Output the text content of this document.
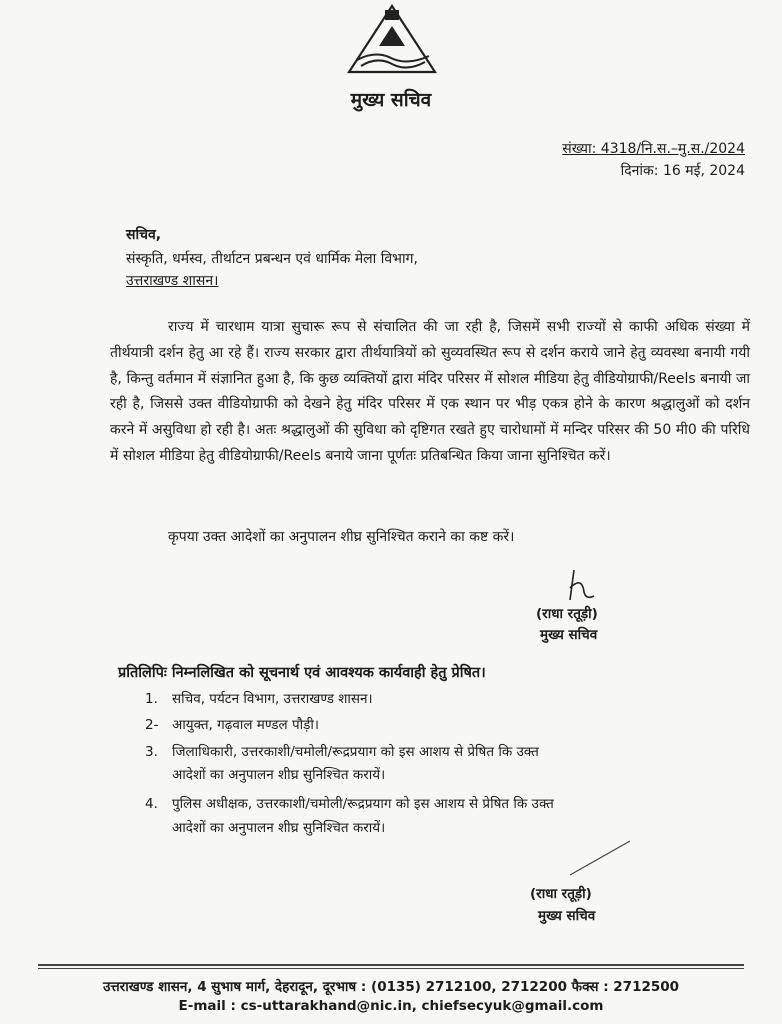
मुख्य सचिव
संख्या: 4318/नि.स.–मु.स./2024
दिनांक: 16 मई, 2024
सचिव,
संस्कृति, धर्मस्व, तीर्थाटन प्रबन्धन एवं धार्मिक मेला विभाग,
उत्तराखण्ड शासन।
राज्य में चारधाम यात्रा सुचारू रूप से संचालित की जा रही है, जिसमें सभी राज्यों से काफी अधिक संख्या में तीर्थयात्री दर्शन हेतु आ रहे हैं। राज्य सरकार द्वारा तीर्थयात्रियों को सुव्यवस्थित रूप से दर्शन कराये जाने हेतु व्यवस्था बनायी गयी है, किन्तु वर्तमान में संज्ञानित हुआ है, कि कुछ व्यक्तियों द्वारा मंदिर परिसर में सोशल मीडिया हेतु वीडियोग्राफी/Reels बनायी जा रही है, जिससे उक्त वीडियोग्राफी को देखने हेतु मंदिर परिसर में एक स्थान पर भीड़ एकत्र होने के कारण श्रद्धालुओं को दर्शन करने में असुविधा हो रही है। अतः श्रद्धालुओं की सुविधा को दृष्टिगत रखते हुए चारोधामों में मन्दिर परिसर की 50 मी0 की परिधि में सोशल मीडिया हेतु वीडियोग्राफी/Reels बनाये जाना पूर्णतः प्रतिबन्धित किया जाना सुनिश्चित करें।
कृपया उक्त आदेशों का अनुपालन शीघ्र सुनिश्चित कराने का कष्ट करें।
(राधा रतूड़ी)
मुख्य सचिव
प्रतिलिपिः निम्नलिखित को सूचनार्थ एवं आवश्यक कार्यवाही हेतु प्रेषित।
1. सचिव, पर्यटन विभाग, उत्तराखण्ड शासन।
2- आयुक्त, गढ़वाल मण्डल पौड़ी।
3. जिलाधिकारी, उत्तरकाशी/चमोली/रूद्रप्रयाग को इस आशय से प्रेषित कि उक्त
आदेशों का अनुपालन शीघ्र सुनिश्चित करायें।
4. पुलिस अधीक्षक, उत्तरकाशी/चमोली/रूद्रप्रयाग को इस आशय से प्रेषित कि उक्त
आदेशों का अनुपालन शीघ्र सुनिश्चित करायें।
(राधा रतूड़ी)
मुख्य सचिव
उत्तराखण्ड शासन, 4 सुभाष मार्ग, देहरादून, दूरभाष : (0135) 2712100, 2712200 फैक्स : 2712500
E-mail : cs-uttarakhand@nic.in, chiefsecyuk@gmail.com
